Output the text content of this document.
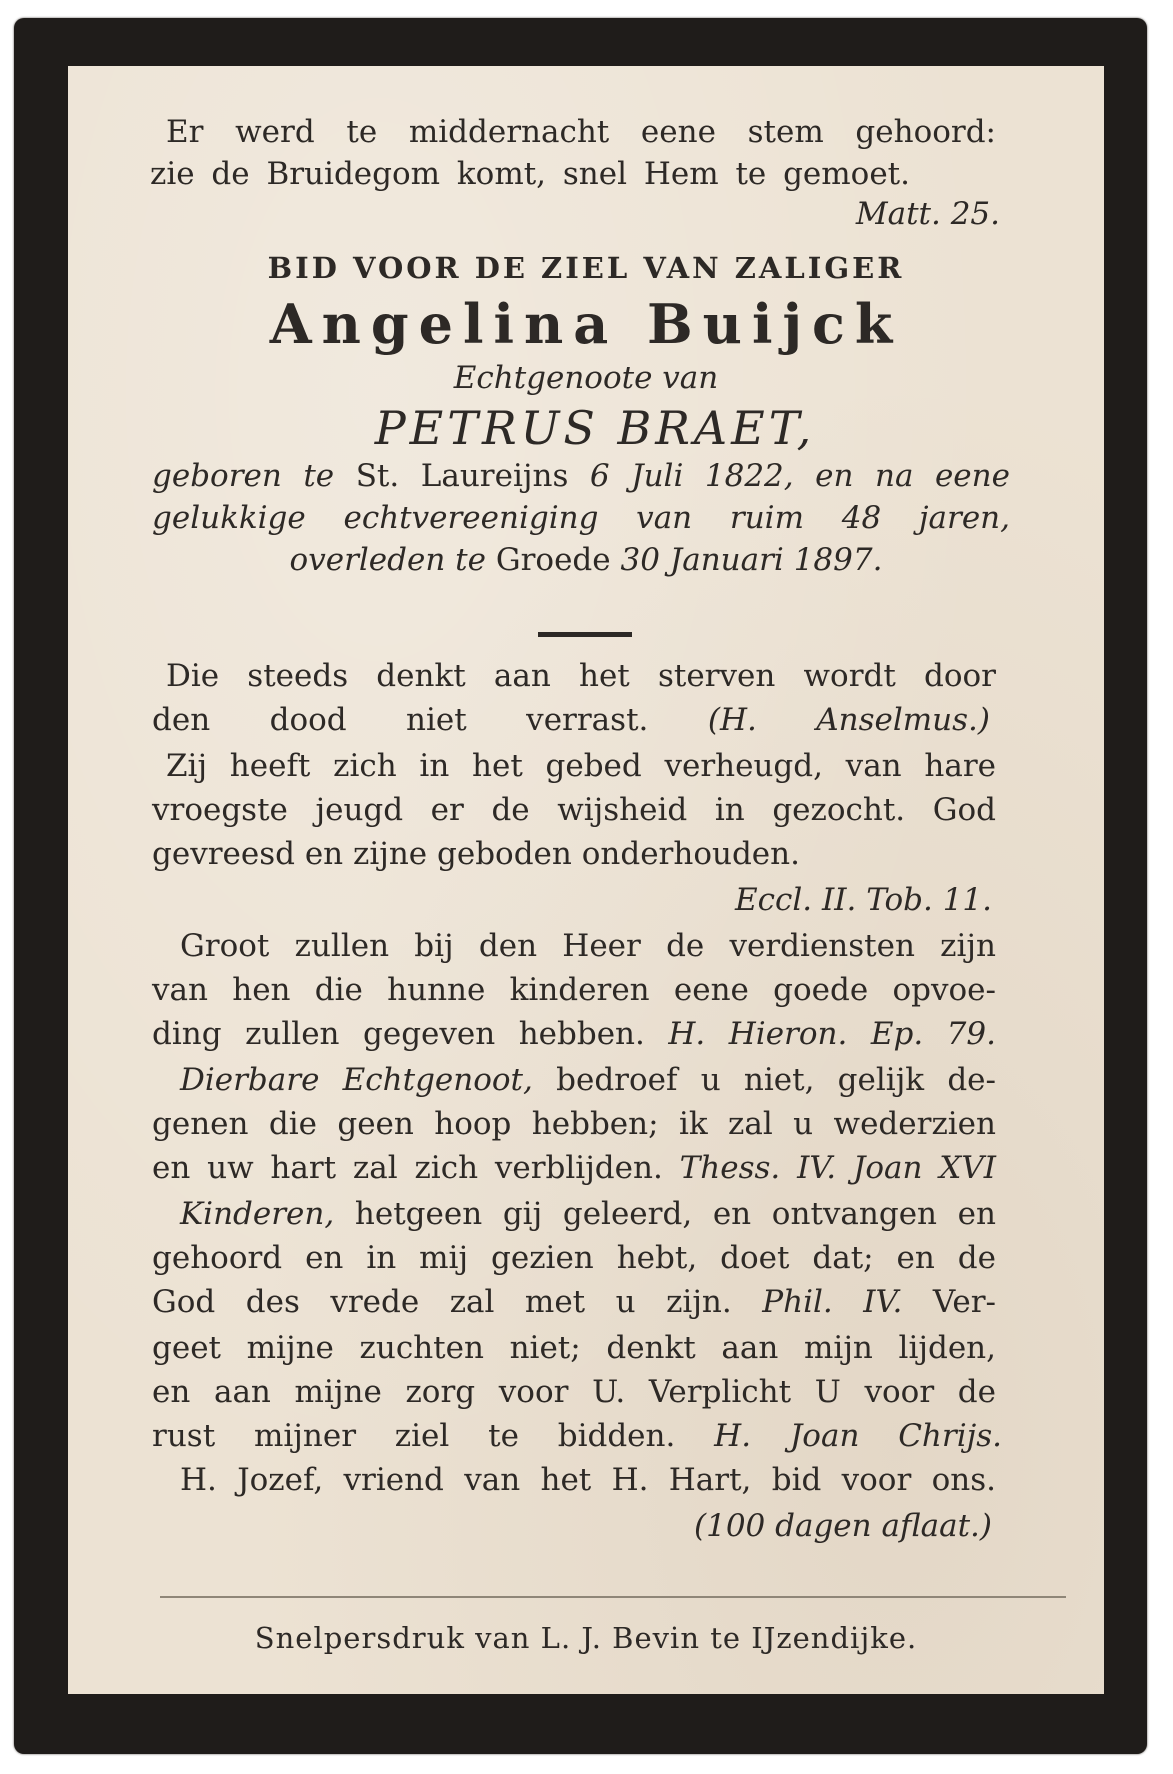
Er werd te middernacht eene stem gehoord:

zie de Bruidegom komt, snel Hem te gemoet.

Matt. 25.

BID VOOR DE ZIEL VAN ZALIGER

Angelina Buijck

Echtgenoote van

PETRUS BRAET,

geboren te St. Laureijns 6 Juli 1822, en na eene

gelukkige echtvereeniging van ruim 48 jaren,

overleden te Groede 30 Januari 1897.

Die steeds denkt aan het sterven wordt door

den dood niet verrast. (H. Anselmus.)

Zij heeft zich in het gebed verheugd, van hare

vroegste jeugd er de wijsheid in gezocht. God

gevreesd en zijne geboden onderhouden.

Eccl. II. Tob. 11.

Groot zullen bij den Heer de verdiensten zijn

van hen die hunne kinderen eene goede opvoe-

ding zullen gegeven hebben. H. Hieron. Ep. 79.

Dierbare Echtgenoot, bedroef u niet, gelijk de-

genen die geen hoop hebben; ik zal u wederzien

en uw hart zal zich verblijden. Thess. IV. Joan XVI

Kinderen, hetgeen gij geleerd, en ontvangen en

gehoord en in mij gezien hebt, doet dat; en de

God des vrede zal met u zijn. Phil. IV. Ver-

geet mijne zuchten niet; denkt aan mijn lijden,

en aan mijne zorg voor U. Verplicht U voor de

rust mijner ziel te bidden. H. Joan Chrijs.

H. Jozef, vriend van het H. Hart, bid voor ons.

(100 dagen aflaat.)

Snelpersdruk van L. J. Bevin te IJzendijke.
